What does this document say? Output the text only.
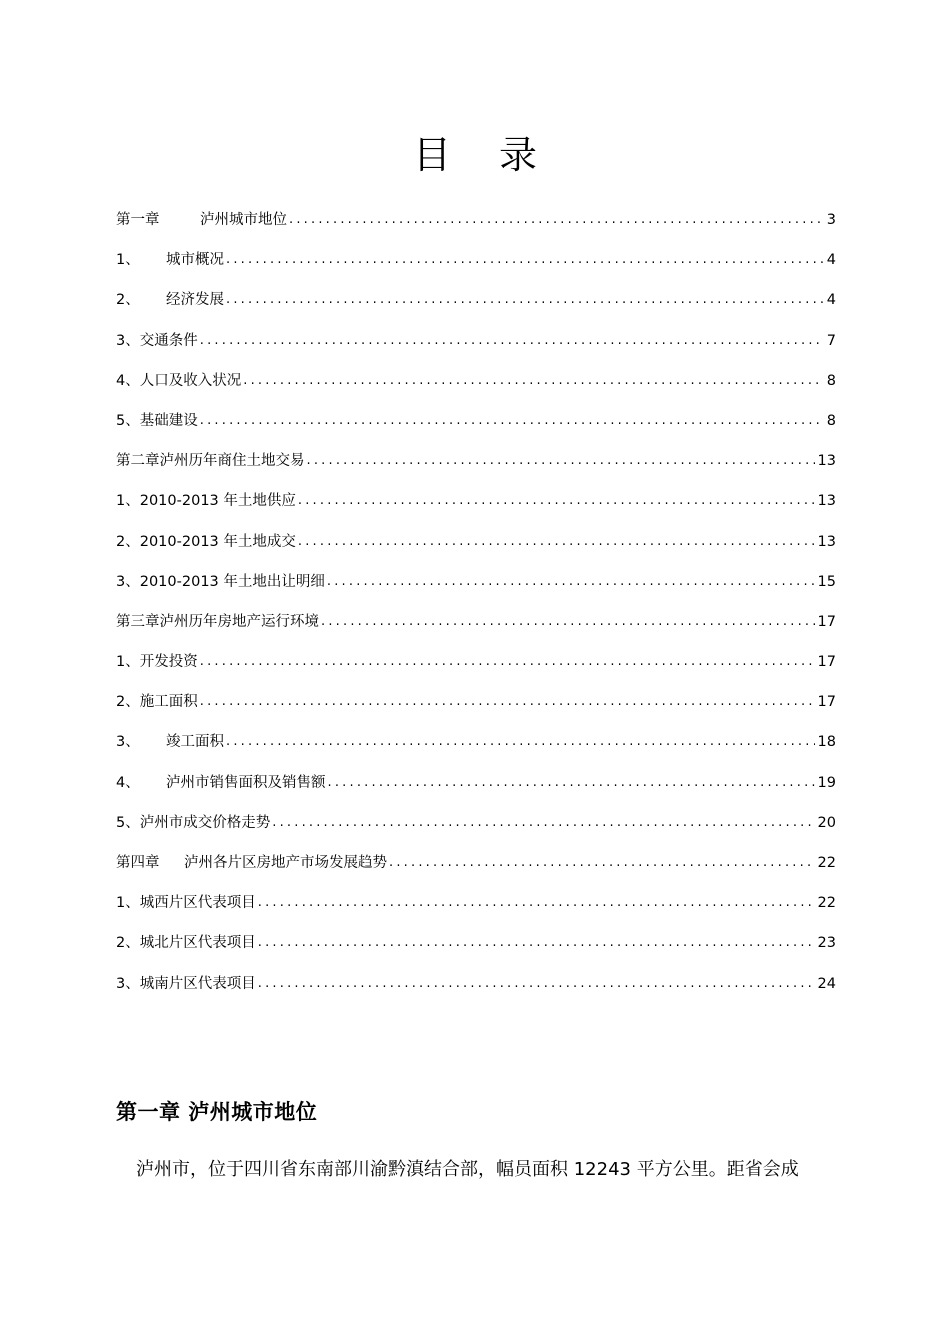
目 录
第一章	泸州城市地位 .....	3
1、	城市概况 .....	4
2、	经济发展 .....	4
3、 交通条件 .....	7
4、 人口及收入状况 .....	8
5、 基础建设 .....	8
第二章 泸州历年商住土地交易 .....	13
1、 2010-2013 年土地供应 .....	13
2、 2010-2013 年土地成交 .....	13
3、 2010-2013 年土地出让明细 .....	15
第三章 泸州历年房地产运行环境 .....	17
1、 开发投资 .....	17
2、 施工面积 .....	17
3、	竣工面积 .....	18
4、	泸州市销售面积及销售额 .....	19
5、 泸州市成交价格走势 .....	20
第四章	泸州各片区房地产市场发展趋势 .....	22
1、 城西片区代表项目 .....	22
2、 城北片区代表项目 .....	23
3、 城南片区代表项目 .....	24
第一章 泸州城市地位

泸州市，位于四川省东南部川渝黔滇结合部，幅员面积 12243 平方公里。距省会成
